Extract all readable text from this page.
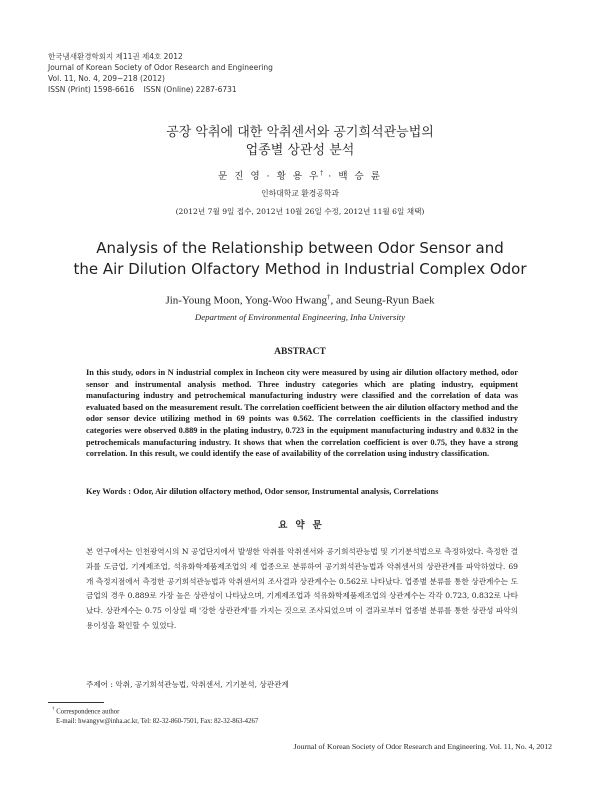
한국냄새환경학회지 제11권 제4호 2012
Journal of Korean Society of Odor Research and Engineering
Vol. 11, No. 4, 209~218 (2012)
ISSN (Print) 1598-6616    ISSN (Online) 2287-6731
공장 악취에 대한 악취센서와 공기희석관능법의
업종별 상관성 분석
문 진 영 · 황 용 우† · 백 승 륜
인하대학교 환경공학과
(2012년 7월 9일 접수, 2012년 10월 26일 수정, 2012년 11월 6일 채택)
Analysis of the Relationship between Odor Sensor and
the Air Dilution Olfactory Method in Industrial Complex Odor
Jin-Young Moon, Yong-Woo Hwang†, and Seung-Ryun Baek
Department of Environmental Engineering, Inha University
ABSTRACT
In this study, odors in N industrial complex in Incheon city were measured by using air dilution olfactory method, odor sensor and instrumental analysis method. Three industry categories which are plating industry, equipment manufacturing industry and petrochemical manufacturing industry were classified and the correlation of data was evaluated based on the measurement result. The correlation coefficient between the air dilution olfactory method and the odor sensor device utilizing method in 69 points was 0.562. The correlation coefficients in the classified industry categories were observed 0.889 in the plating industry, 0.723 in the equipment manufacturing industry and 0.832 in the petrochemicals manufacturing industry. It shows that when the correlation coefficient is over 0.75, they have a strong correlation. In this result, we could identify the ease of availability of the correlation using industry classification.
Key Words : Odor, Air dilution olfactory method, Odor sensor, Instrumental analysis, Correlations
요약문
본 연구에서는 인천광역시의 N 공업단지에서 발생한 악취를 악취센서와 공기희석관능법 및 기기분석법으로 측정하였다. 측정한 결과를 도금업, 기계제조업, 석유화학제품제조업의 세 업종으로 분류하여 공기희석관능법과 악취센서의 상관관계를 파악하였다. 69개 측정지점에서 측정한 공기희석관능법과 악취센서의 조사결과 상관계수는 0.562로 나타났다. 업종별 분류를 통한 상관계수는 도금업의 경우 0.889로 가장 높은 상관성이 나타났으며, 기계제조업과 석유화학제품제조업의 상관계수는 각각 0.723, 0.832로 나타났다. 상관계수는 0.75 이상일 때 '강한 상관관계'를 가지는 것으로 조사되었으며 이 결과로부터 업종별 분류를 통한 상관성 파악의 용이성을 확인할 수 있었다.
주제어 : 악취, 공기희석관능법, 악취센서, 기기분석, 상관관계
† Correspondence author
E-mail: hwangyw@inha.ac.kr, Tel: 82-32-860-7501, Fax: 82-32-863-4267
Journal of Korean Society of Odor Research and Engineering. Vol. 11, No. 4, 2012
